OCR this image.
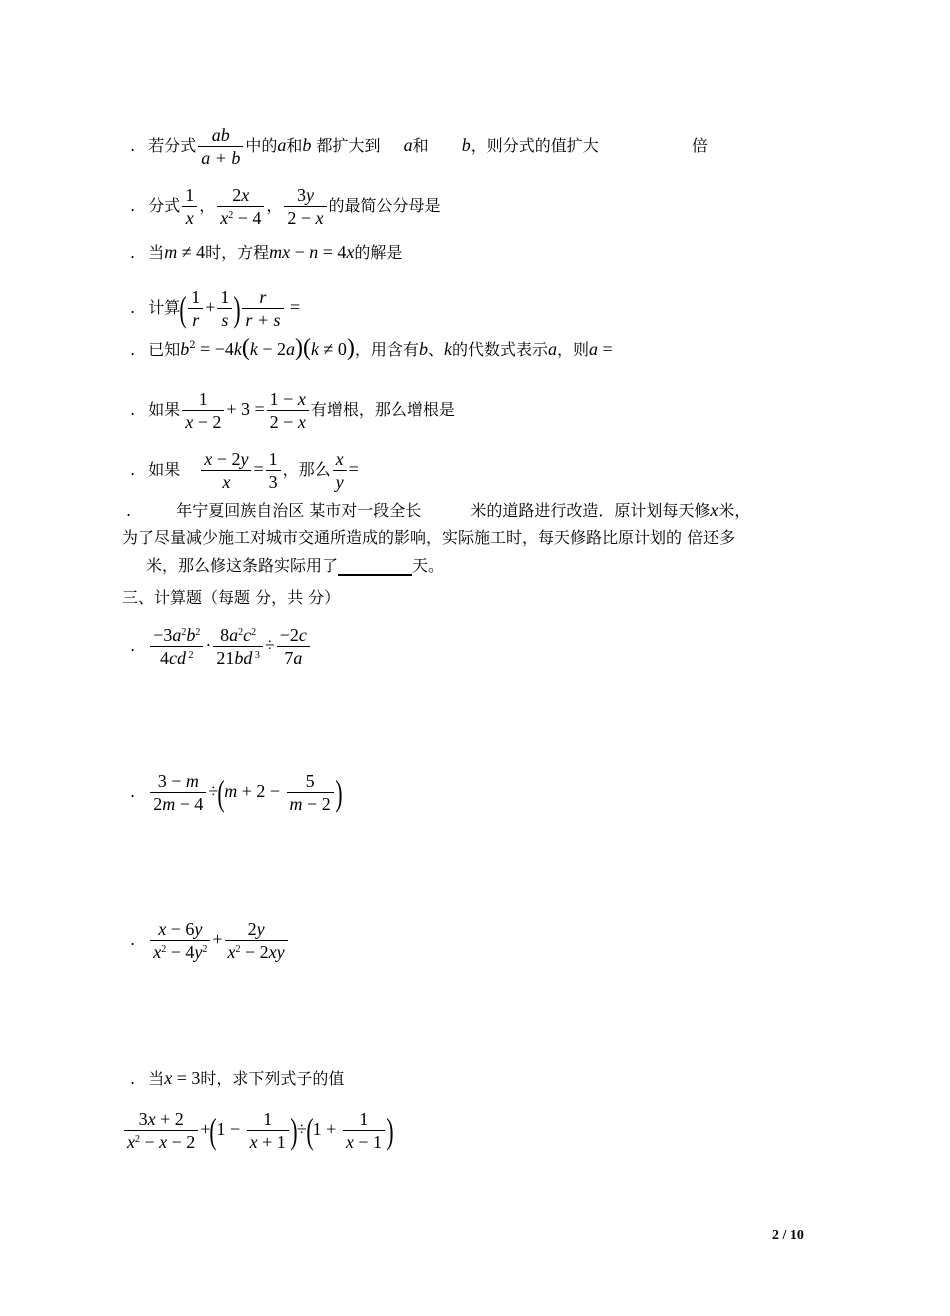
. 若分式 $\frac{ab}{a + b}$ 中的a和b 都扩大到 a和 b，则分式的值扩大	倍
. 分式 $\frac{1}{x}$ ， $\frac{2x}{x^2 - 4}$ ， $\frac{3y}{2 - x}$ 的最简公分母是
. 当m ≠ 4时，方程mx − n = 4x的解是
. 计算( $\frac{1}{r} + \frac{1}{s}$ ) $\frac{r}{r + s}$ =
. 已知$b^2 = -4k(k - 2a)(k \ne 0)$，用含有b、k的代数式表示a，则a =
. 如果 $\frac{1}{x - 2} + 3 = \frac{1 - x}{2 - x}$ 有增根，那么增根是
. 如果 $\frac{x - 2y}{x} = \frac{1}{3}$ ，那么 $\frac{x}{y}$ =
.	年宁夏回族自治区 某市对一段全长	米的道路进行改造．原计划每天修x米，
为了尽量减少施工对城市交通所造成的影响，实际施工时，每天修路比原计划的 倍还多
米，那么修这条路实际用了	天。
三、计算题（每题 分，共 分）
. $\frac{-3a^2b^2}{4cd ^2} \cdot \frac{8a^2c^2}{21bd ^3} \div \frac{-2c}{7a}$
. $\frac{3 - m}{2m - 4} \div(m + 2 - \frac{5}{m - 2}$ )
. $\frac{x - 6y}{x^2 - 4y^2} + \frac{2y}{x^2 - 2xy}$
. 当x = 3时，求下列式子的值
$\frac{3x + 2}{x^2 - x - 2} +(1 - \frac{1}{x + 1} )\div(1 + \frac{1}{x - 1}$ )
2 / 10
